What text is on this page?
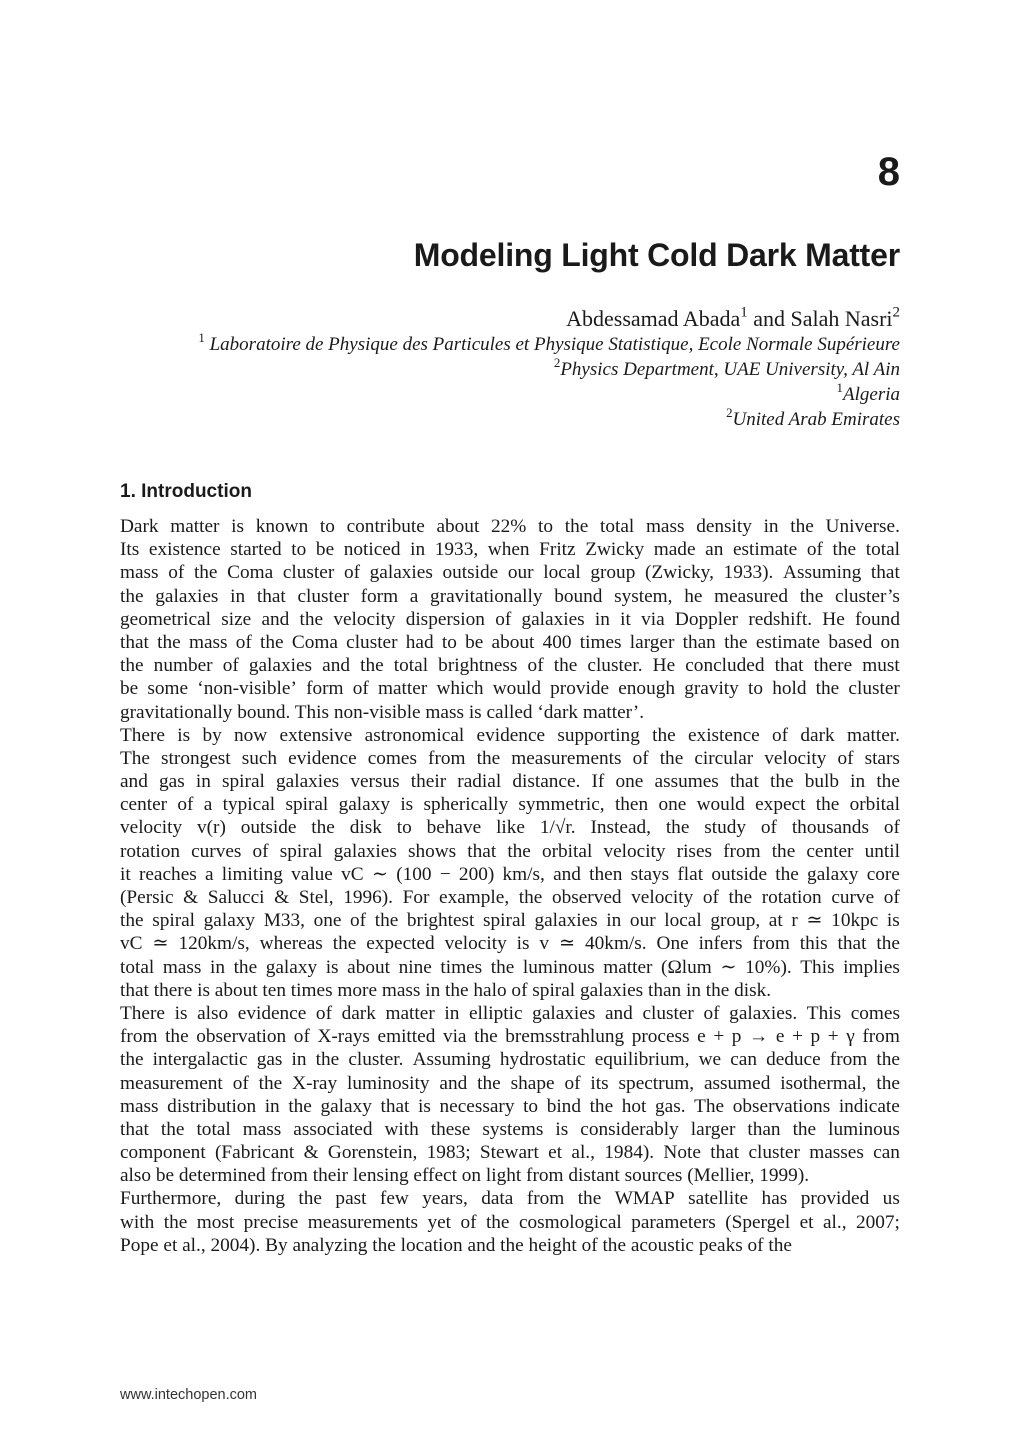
8
Modeling Light Cold Dark Matter
Abdessamad Abada$^1$ and Salah Nasri$^2$
$^1$ Laboratoire de Physique des Particules et Physique Statistique, Ecole Normale Supérieure
$^2$Physics Department, UAE University, Al Ain
$^1$Algeria
$^2$United Arab Emirates
1. Introduction
Dark matter is known to contribute about 22% to the total mass density in the Universe.
Its existence started to be noticed in 1933, when Fritz Zwicky made an estimate of the total
mass of the Coma cluster of galaxies outside our local group (Zwicky, 1933). Assuming that
the galaxies in that cluster form a gravitationally bound system, he measured the cluster’s
geometrical size and the velocity dispersion of galaxies in it via Doppler redshift. He found
that the mass of the Coma cluster had to be about 400 times larger than the estimate based on
the number of galaxies and the total brightness of the cluster. He concluded that there must
be some ‘non-visible’ form of matter which would provide enough gravity to hold the cluster
gravitationally bound. This non-visible mass is called ‘dark matter’.
There is by now extensive astronomical evidence supporting the existence of dark matter.
The strongest such evidence comes from the measurements of the circular velocity of stars
and gas in spiral galaxies versus their radial distance. If one assumes that the bulb in the
center of a typical spiral galaxy is spherically symmetric, then one would expect the orbital
velocity v(r) outside the disk to behave like 1/√r. Instead, the study of thousands of
rotation curves of spiral galaxies shows that the orbital velocity rises from the center until
it reaches a limiting value vC ∼ (100 − 200) km/s, and then stays flat outside the galaxy core
(Persic & Salucci & Stel, 1996). For example, the observed velocity of the rotation curve of
the spiral galaxy M33, one of the brightest spiral galaxies in our local group, at r ≃ 10kpc is
vC ≃ 120km/s, whereas the expected velocity is v ≃ 40km/s. One infers from this that the
total mass in the galaxy is about nine times the luminous matter (Ωlum ∼ 10%). This implies
that there is about ten times more mass in the halo of spiral galaxies than in the disk.
There is also evidence of dark matter in elliptic galaxies and cluster of galaxies. This comes
from the observation of X-rays emitted via the bremsstrahlung process e + p → e + p + γ from
the intergalactic gas in the cluster. Assuming hydrostatic equilibrium, we can deduce from the
measurement of the X-ray luminosity and the shape of its spectrum, assumed isothermal, the
mass distribution in the galaxy that is necessary to bind the hot gas. The observations indicate
that the total mass associated with these systems is considerably larger than the luminous
component (Fabricant & Gorenstein, 1983; Stewart et al., 1984). Note that cluster masses can
also be determined from their lensing effect on light from distant sources (Mellier, 1999).
Furthermore, during the past few years, data from the WMAP satellite has provided us
with the most precise measurements yet of the cosmological parameters (Spergel et al., 2007;
Pope et al., 2004). By analyzing the location and the height of the acoustic peaks of the
www.intechopen.com
